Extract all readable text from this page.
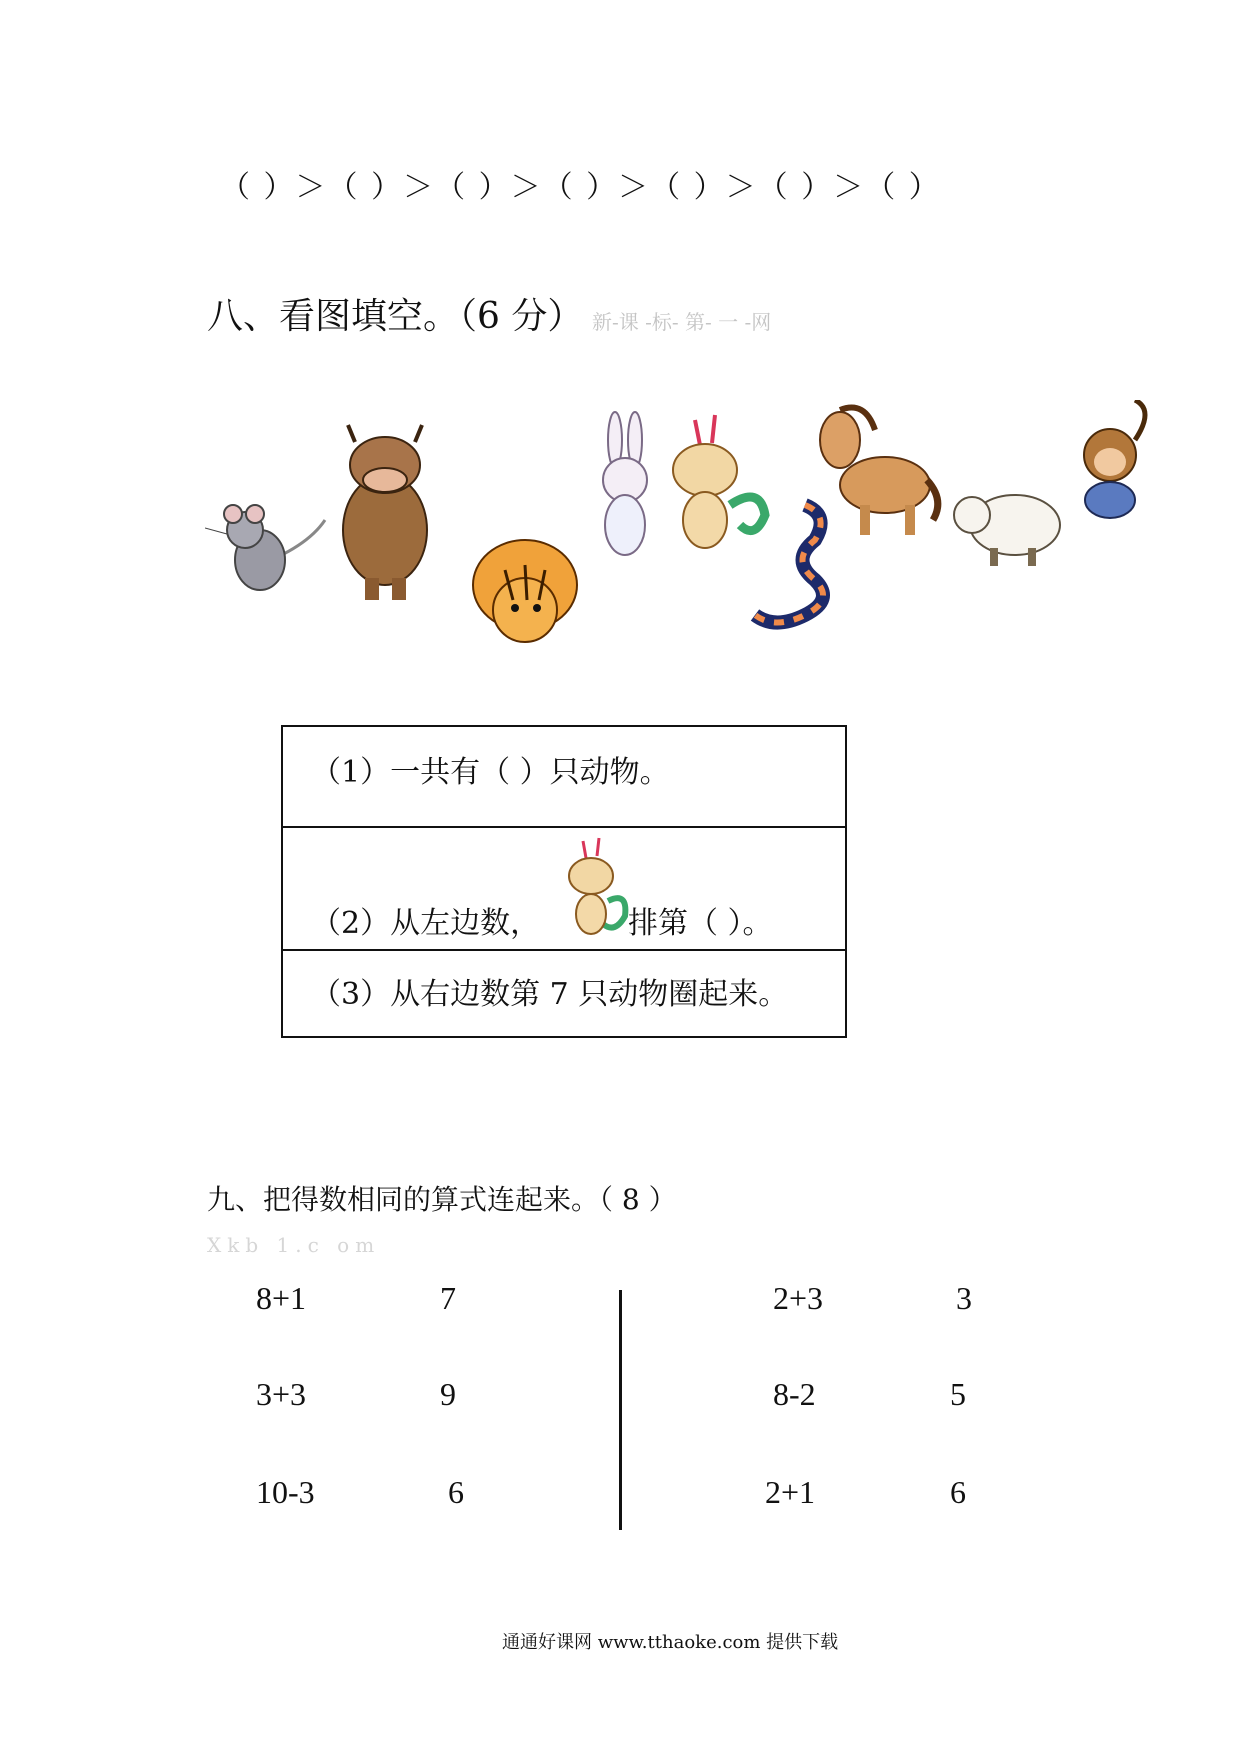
（ ）＞（ ）＞（ ）＞（ ）＞（ ）＞（ ）＞（ ）
八、看图填空。（6 分） 新-课 -标- 第- 一 -网
（1）一共有（ ）只动物。
（2）从左边数，	排第（ ）。
（3）从右边数第 7 只动物圈起来。
九、把得数相同的算式连起来。（ 8 ）
Xkb 1.c om
8+1
3+3
10-3
7
9
6
2+3
8-2
2+1
3
5
6
通通好课网 www.tthaoke.com 提供下载
